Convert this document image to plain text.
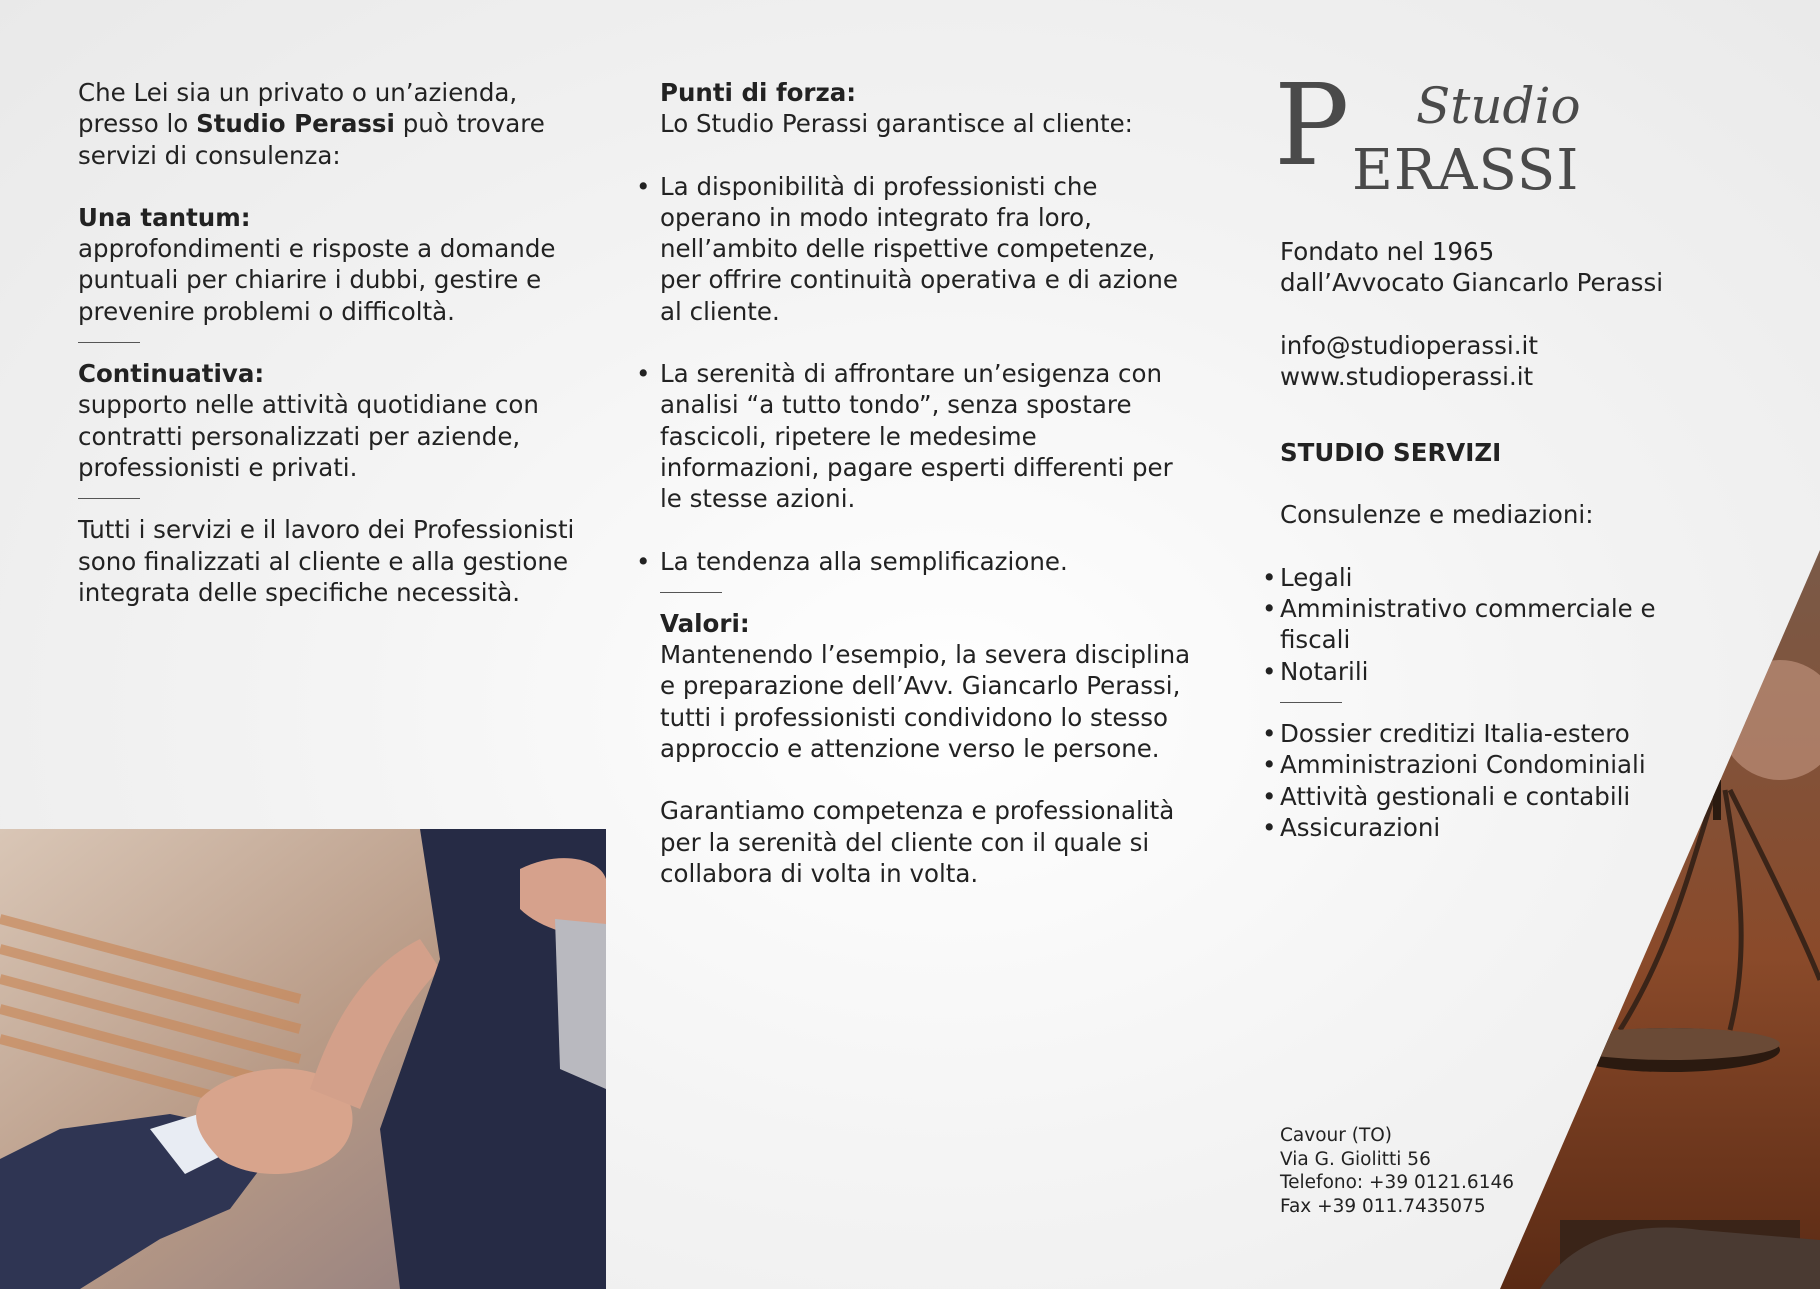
Che Lei sia un privato o un’azienda,
presso lo Studio Perassi può trovare servizi di consulenza:

Una tantum:

approfondimenti e risposte a domande puntuali per chiarire i dubbi, gestire e prevenire problemi o difficoltà.

Continuativa:

supporto nelle attività quotidiane con contratti personalizzati per aziende, professionisti e privati.

Tutti i servizi e il lavoro dei Professionisti sono finalizzati al cliente e alla gestione integrata delle specifiche necessità.

Punti di forza:

Lo Studio Perassi garantisce al cliente:

• La disponibilità di professionisti che operano in modo integrato fra loro, nell’ambito delle rispettive competenze, per offrire continuità operativa e di azione al cliente.
• La serenità di affrontare un’esigenza con analisi “a tutto tondo”, senza spostare fascicoli, ripetere le medesime informazioni, pagare esperti differenti per le stesse azioni.
• La tendenza alla semplificazione.

Valori:

Mantenendo l’esempio, la severa disciplina e preparazione dell’Avv. Giancarlo Perassi, tutti i professionisti condividono lo stesso approccio e attenzione verso le persone.

Garantiamo competenza e professionalità per la serenità del cliente con il quale si collabora di volta in volta.

P Studio
ERASSI

Fondato nel 1965

dall’Avvocato Giancarlo Perassi

info@studioperassi.it

www.studioperassi.it

STUDIO SERVIZI

Consulenze e mediazioni:

• Legali
• Amministrativo commerciale e fiscali
• Notarili
• Dossier creditizi Italia-estero
• Amministrazioni Condominiali
• Attività gestionali e contabili
• Assicurazioni
Cavour (TO)
Via G. Giolitti 56
Telefono: +39 0121.6146
Fax +39 011.7435075
